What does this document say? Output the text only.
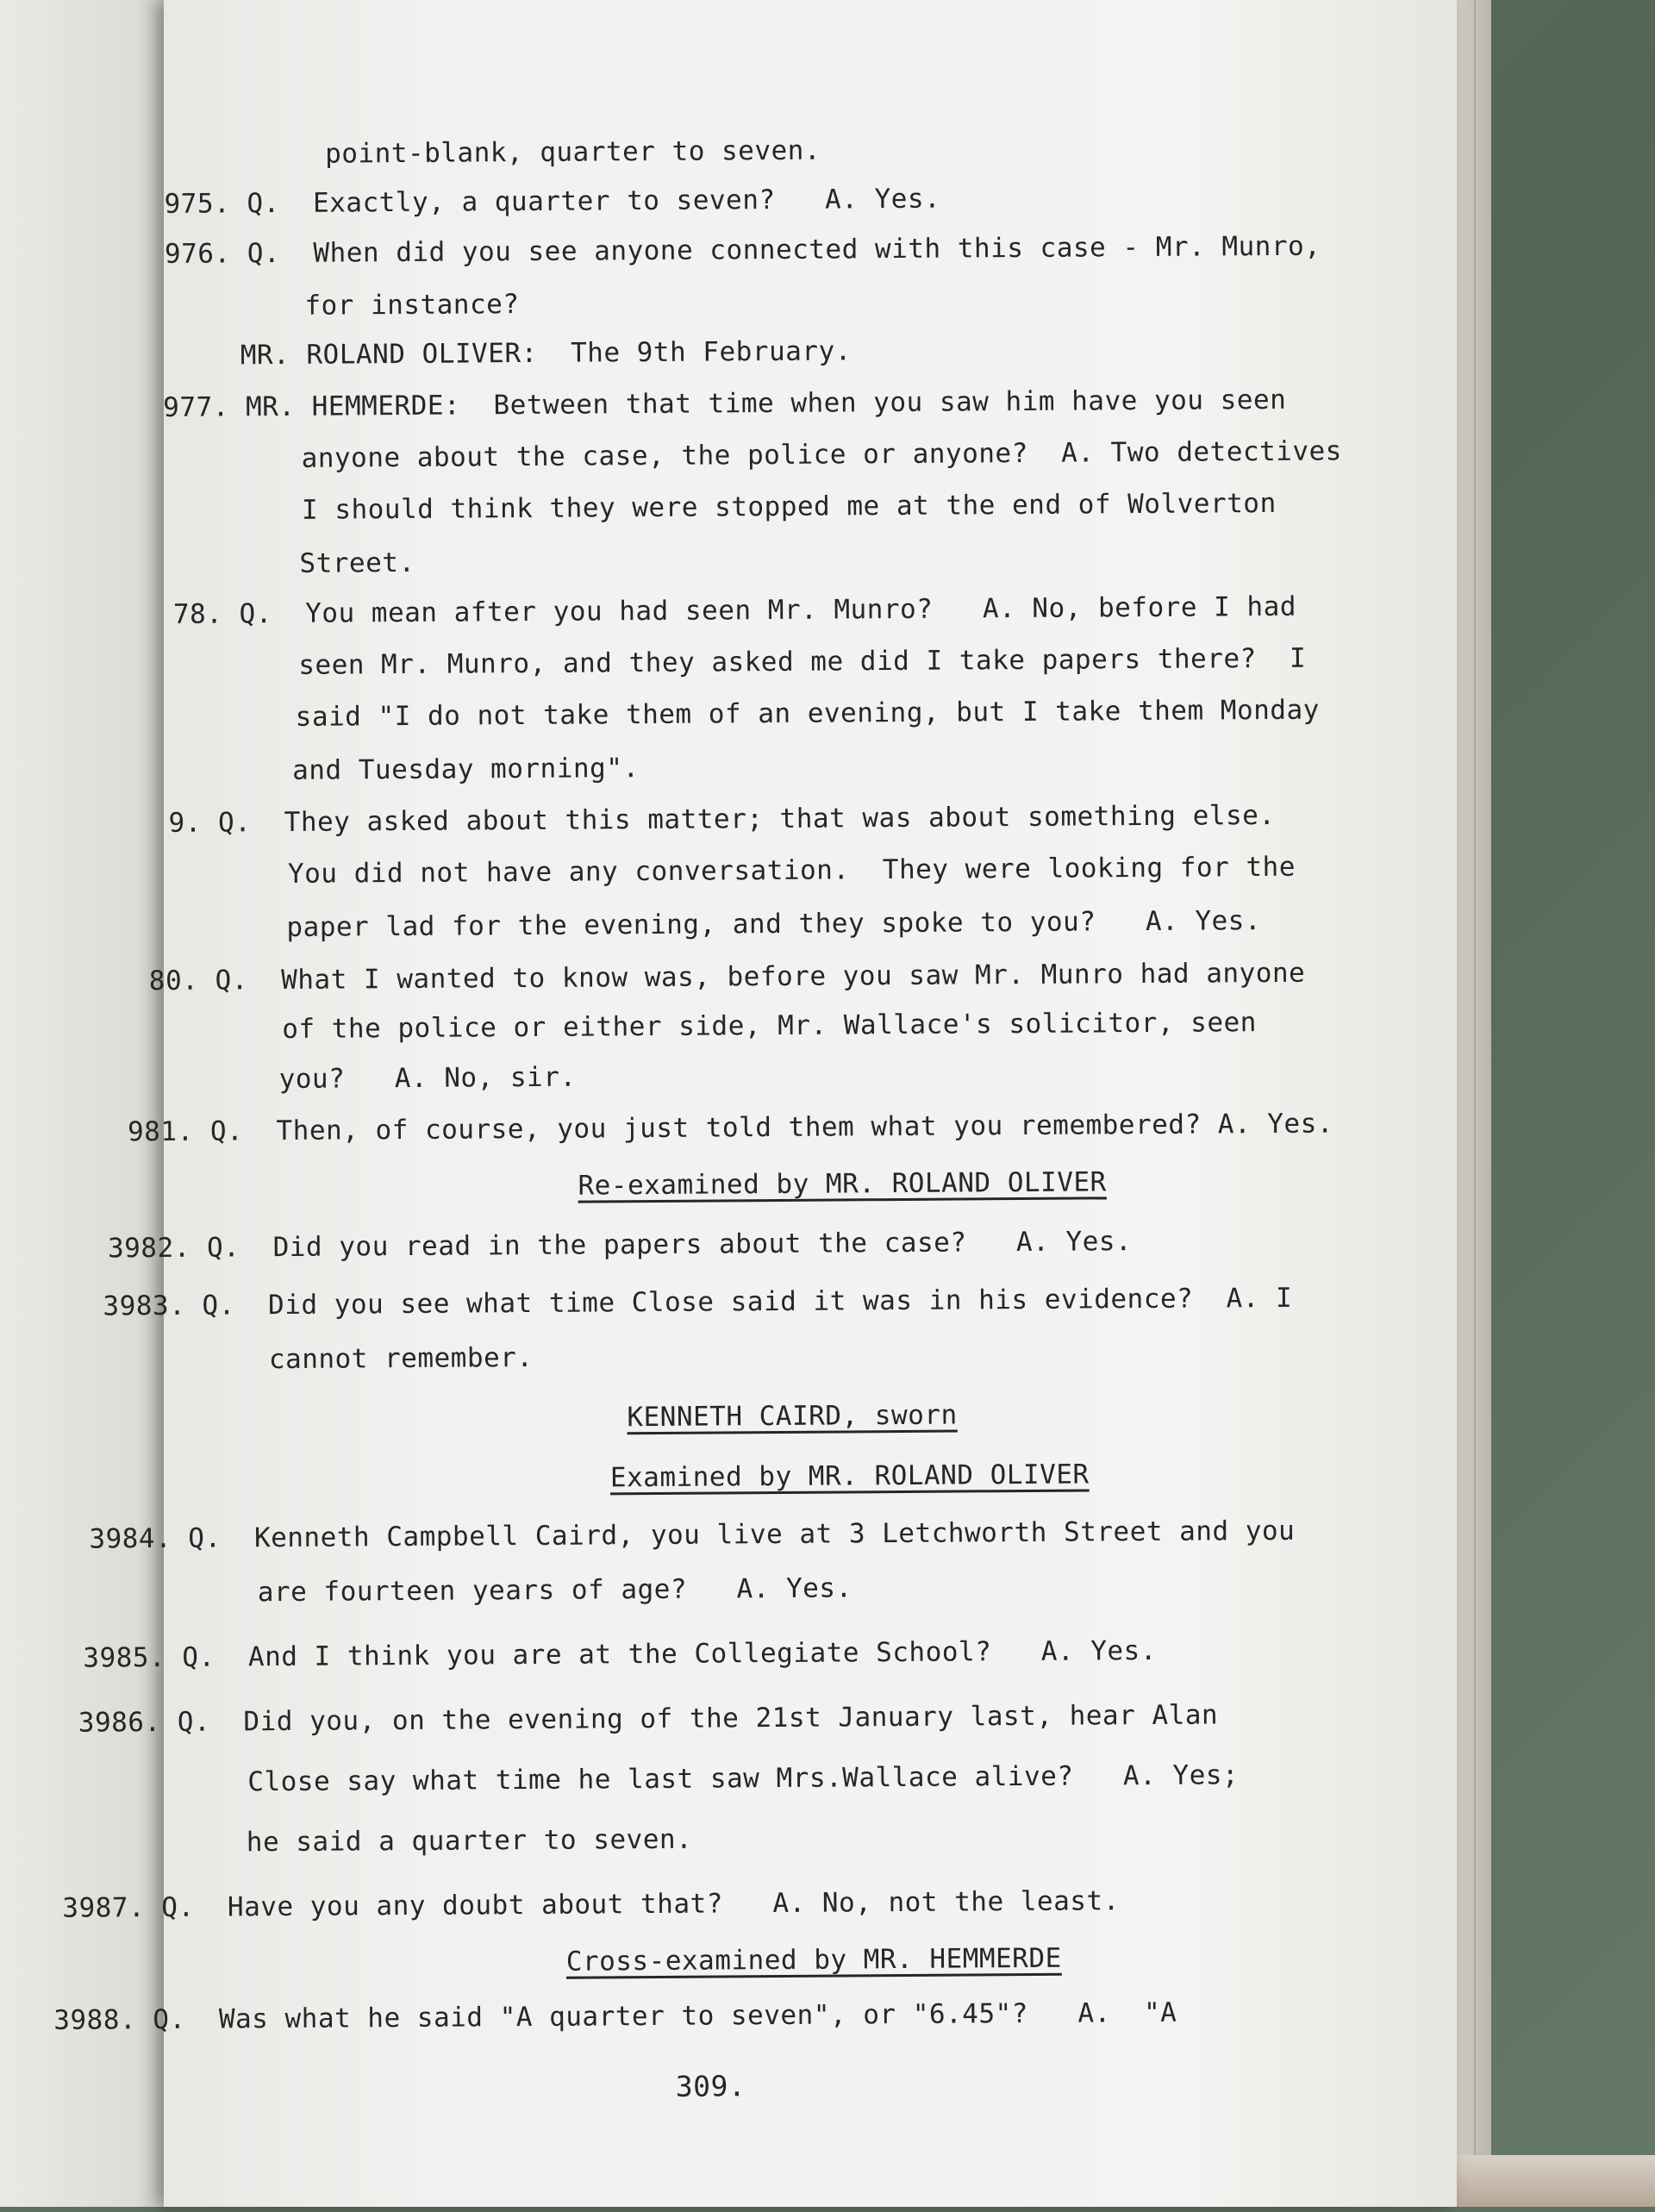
point-blank, quarter to seven.
975. Q.  Exactly, a quarter to seven?   A. Yes.
976. Q.  When did you see anyone connected with this case - Mr. Munro,
for instance?
MR. ROLAND OLIVER:  The 9th February.
977. MR. HEMMERDE:  Between that time when you saw him have you seen
anyone about the case, the police or anyone?  A. Two detectives
I should think they were stopped me at the end of Wolverton
Street.
78. Q.  You mean after you had seen Mr. Munro?   A. No, before I had
seen Mr. Munro, and they asked me did I take papers there?  I
said "I do not take them of an evening, but I take them Monday
and Tuesday morning".
9. Q.  They asked about this matter; that was about something else.
You did not have any conversation.  They were looking for the
paper lad for the evening, and they spoke to you?   A. Yes.
80. Q.  What I wanted to know was, before you saw Mr. Munro had anyone
of the police or either side, Mr. Wallace's solicitor, seen
you?   A. No, sir.
981. Q.  Then, of course, you just told them what you remembered? A. Yes.
Re-examined by MR. ROLAND OLIVER
3982. Q.  Did you read in the papers about the case?   A. Yes.
3983. Q.  Did you see what time Close said it was in his evidence?  A. I
cannot remember.
KENNETH CAIRD, sworn
Examined by MR. ROLAND OLIVER
3984. Q.  Kenneth Campbell Caird, you live at 3 Letchworth Street and you
are fourteen years of age?   A. Yes.
3985. Q.  And I think you are at the Collegiate School?   A. Yes.
3986. Q.  Did you, on the evening of the 21st January last, hear Alan
Close say what time he last saw Mrs.Wallace alive?   A. Yes;
he said a quarter to seven.
3987. Q.  Have you any doubt about that?   A. No, not the least.
Cross-examined by MR. HEMMERDE
3988. Q.  Was what he said "A quarter to seven", or "6.45"?   A.  "A
309.
